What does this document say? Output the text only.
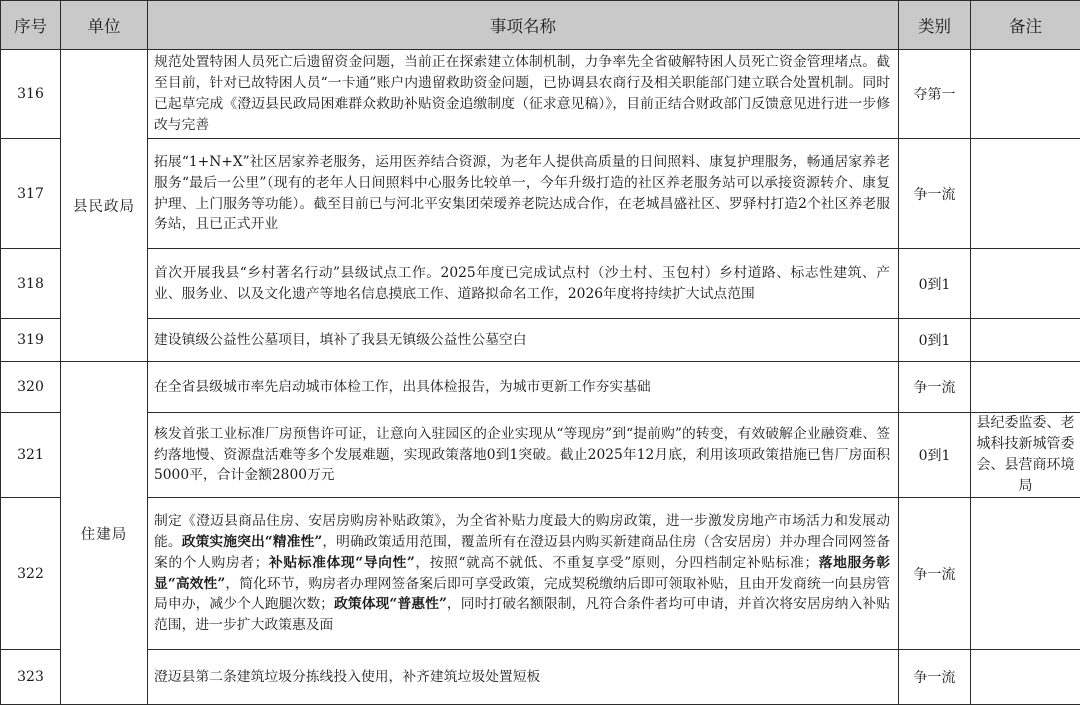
序号	单位	事项名称	类别	备注
316	县民政局	规范处置特困人员死亡后遗留资金问题，当前正在探索建立体制机制，力争率先全省破解特困人员死亡资金管理堵点。截至目前，针对已故特困人员“一卡通”账户内遗留救助资金问题，已协调县农商行及相关职能部门建立联合处置机制。同时已起草完成《澄迈县民政局困难群众救助补贴资金追缴制度（征求意见稿）》，目前正结合财政部门反馈意见进行进一步修改与完善	夺第一	
317		拓展“1+N+X”社区居家养老服务，运用医养结合资源，为老年人提供高质量的日间照料、康复护理服务，畅通居家养老服务“最后一公里”（现有的老年人日间照料中心服务比较单一，今年升级打造的社区养老服务站可以承接资源转介、康复护理、上门服务等功能）。截至目前已与河北平安集团荣瑷养老院达成合作，在老城昌盛社区、罗驿村打造2个社区养老服务站，且已正式开业	争一流	
318		首次开展我县“乡村著名行动”县级试点工作。2025年度已完成试点村（沙土村、玉包村）乡村道路、标志性建筑、产业、服务业、以及文化遗产等地名信息摸底工作、道路拟命名工作，2026年度将持续扩大试点范围	0到1	
319		建设镇级公益性公墓项目，填补了我县无镇级公益性公墓空白	0到1	
320	住建局	在全省县级城市率先启动城市体检工作，出具体检报告，为城市更新工作夯实基础	争一流	
321		核发首张工业标准厂房预售许可证，让意向入驻园区的企业实现从“等现房”到“提前购”的转变，有效破解企业融资难、签约落地慢、资源盘活难等多个发展难题，实现政策落地0到1突破。截止2025年12月底，利用该项政策措施已售厂房面积5000平，合计金额2800万元	0到1	县纪委监委、老城科技新城管委会、县营商环境局
322		制定《澄迈县商品住房、安居房购房补贴政策》，为全省补贴力度最大的购房政策，进一步激发房地产市场活力和发展动能。政策实施突出“精准性”，明确政策适用范围，覆盖所有在澄迈县内购买新建商品住房（含安居房）并办理合同网签备案的个人购房者；补贴标准体现“导向性”，按照“就高不就低、不重复享受”原则，分四档制定补贴标准；落地服务彰显“高效性”，简化环节，购房者办理网签备案后即可享受政策，完成契税缴纳后即可领取补贴，且由开发商统一向县房管局申办，减少个人跑腿次数；政策体现“普惠性”，同时打破名额限制，凡符合条件者均可申请，并首次将安居房纳入补贴范围，进一步扩大政策惠及面	争一流	
323		澄迈县第二条建筑垃圾分拣线投入使用，补齐建筑垃圾处置短板	争一流	
